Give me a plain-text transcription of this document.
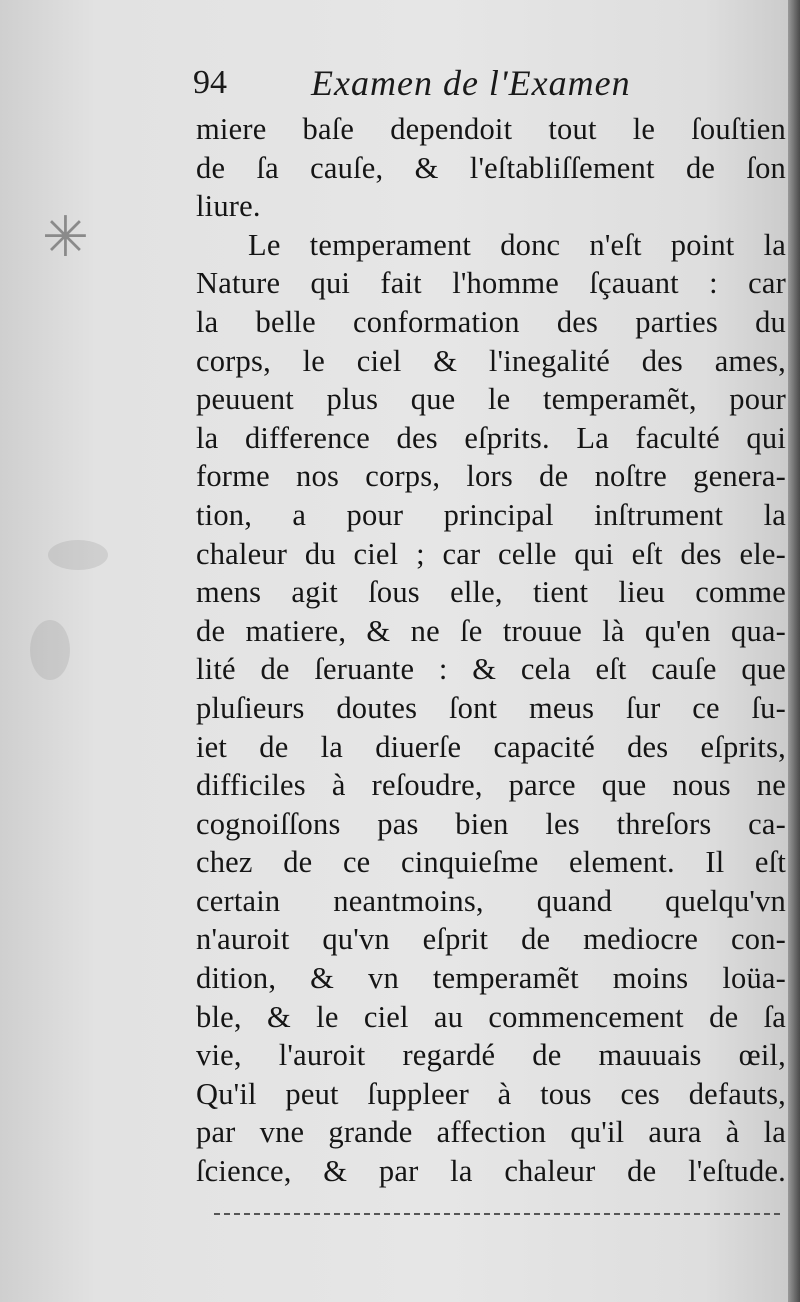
✳
94 Examen de l'Examen
miere baſe dependoit tout le ſouſtien
de ſa cauſe, & l'eſtabliſſement de ſon
liure.
Le temperament donc n'eſt point la
Nature qui fait l'homme ſçauant : car
la belle conformation des parties du
corps, le ciel & l'inegalité des ames,
peuuent plus que le temperamẽt, pour
la difference des eſprits. La faculté qui
forme nos corps, lors de noſtre genera-
tion, a pour principal inſtrument la
chaleur du ciel ; car celle qui eſt des ele-
mens agit ſous elle, tient lieu comme
de matiere, & ne ſe trouue là qu'en qua-
lité de ſeruante : & cela eſt cauſe que
pluſieurs doutes ſont meus ſur ce ſu-
iet de la diuerſe capacité des eſprits,
difficiles à reſoudre, parce que nous ne
cognoiſſons pas bien les threſors ca-
chez de ce cinquieſme element. Il eſt
certain neantmoins, quand quelqu'vn
n'auroit qu'vn eſprit de mediocre con-
dition, & vn temperamẽt moins loüa-
ble, & le ciel au commencement de ſa
vie, l'auroit regardé de mauuais œil,
Qu'il peut ſuppleer à tous ces defauts,
par vne grande affection qu'il aura à la
ſcience, & par la chaleur de l'eſtude.
